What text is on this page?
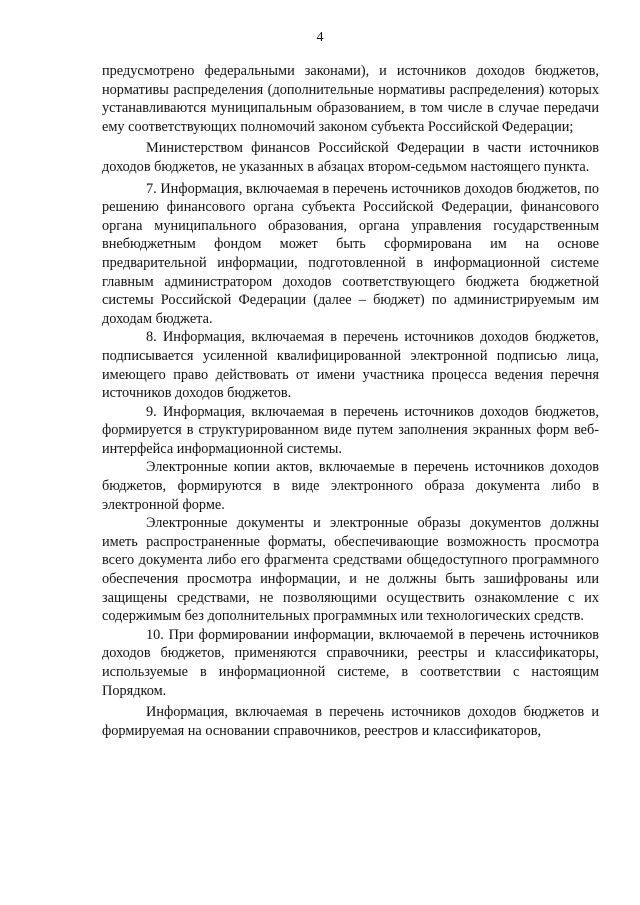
4

предусмотрено федеральными законами), и источников доходов бюджетов, нормативы распределения (дополнительные нормативы распределения) которых устанавливаются муниципальным образованием, в том числе в случае передачи ему соответствующих полномочий законом субъекта Российской Федерации;

Министерством финансов Российской Федерации в части источников доходов бюджетов, не указанных в абзацах втором-седьмом настоящего пункта.

7. Информация, включаемая в перечень источников доходов бюджетов, по решению финансового органа субъекта Российской Федерации, финансового органа муниципального образования, органа управления государственным внебюджетным фондом может быть сформирована им на основе предварительной информации, подготовленной в информационной системе главным администратором доходов соответствующего бюджета бюджетной системы Российской Федерации (далее – бюджет) по администрируемым им доходам бюджета.

8. Информация, включаемая в перечень источников доходов бюджетов, подписывается усиленной квалифицированной электронной подписью лица, имеющего право действовать от имени участника процесса ведения перечня источников доходов бюджетов.

9. Информация, включаемая в перечень источников доходов бюджетов, формируется в структурированном виде путем заполнения экранных форм веб-интерфейса информационной системы.

Электронные копии актов, включаемые в перечень источников доходов бюджетов, формируются в виде электронного образа документа либо в электронной форме.

Электронные документы и электронные образы документов должны иметь распространенные форматы, обеспечивающие возможность просмотра всего документа либо его фрагмента средствами общедоступного программного обеспечения просмотра информации, и не должны быть зашифрованы или защищены средствами, не позволяющими осуществить ознакомление с их содержимым без дополнительных программных или технологических средств.

10. При формировании информации, включаемой в перечень источников доходов бюджетов, применяются справочники, реестры и классификаторы, используемые в информационной системе, в соответствии с настоящим Порядком.

Информация, включаемая в перечень источников доходов бюджетов и формируемая на основании справочников, реестров и классификаторов,
